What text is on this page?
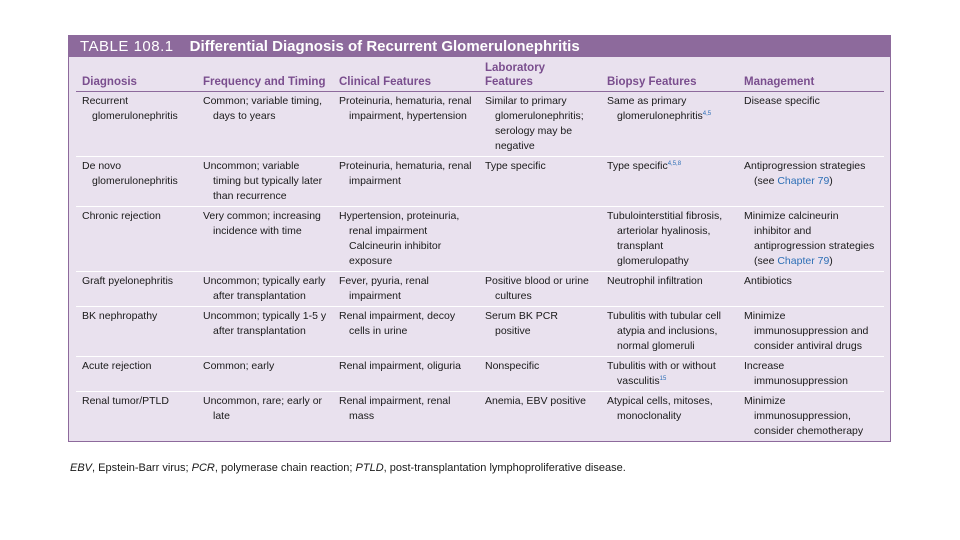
TABLE 108.1 Differential Diagnosis of Recurrent Glomerulonephritis
Diagnosis	Frequency and Timing	Clinical Features	Laboratory Features	Biopsy Features	Management

Recurrent glomerulonephritis	Common; variable timing, days to years	Proteinuria, hematuria, renal impairment, hypertension	Similar to primary glomerulonephritis; serology may be negative	Same as primary glomerulonephritis$^{4,5}$	Disease specific

De novo glomerulonephritis	Uncommon; variable timing but typically later than recurrence	Proteinuria, hematuria, renal impairment	Type specific	Type specific$^{4,5,8}$	Antiprogression strategies (see Chapter 79)

Chronic rejection	Very common; increasing incidence with time	Hypertension, proteinuria, renal impairment Calcineurin inhibitor exposure		Tubulointerstitial fibrosis, arteriolar hyalinosis, transplant glomerulopathy	Minimize calcineurin inhibitor and antiprogression strategies (see Chapter 79)

Graft pyelonephritis	Uncommon; typically early after transplantation	Fever, pyuria, renal impairment	Positive blood or urine cultures	Neutrophil infiltration	Antibiotics

BK nephropathy	Uncommon; typically 1-5 y after transplantation	Renal impairment, decoy cells in urine	Serum BK PCR positive	Tubulitis with tubular cell atypia and inclusions, normal glomeruli	Minimize immunosuppression and consider antiviral drugs

Acute rejection	Common; early	Renal impairment, oliguria	Nonspecific	Tubulitis with or without vasculitis$^{15}$	Increase immunosuppression

Renal tumor/PTLD	Uncommon, rare; early or late	Renal impairment, renal mass	Anemia, EBV positive	Atypical cells, mitoses, monoclonality	Minimize immunosuppression, consider chemotherapy
EBV, Epstein-Barr virus; PCR, polymerase chain reaction; PTLD, post-transplantation lymphoproliferative disease.
